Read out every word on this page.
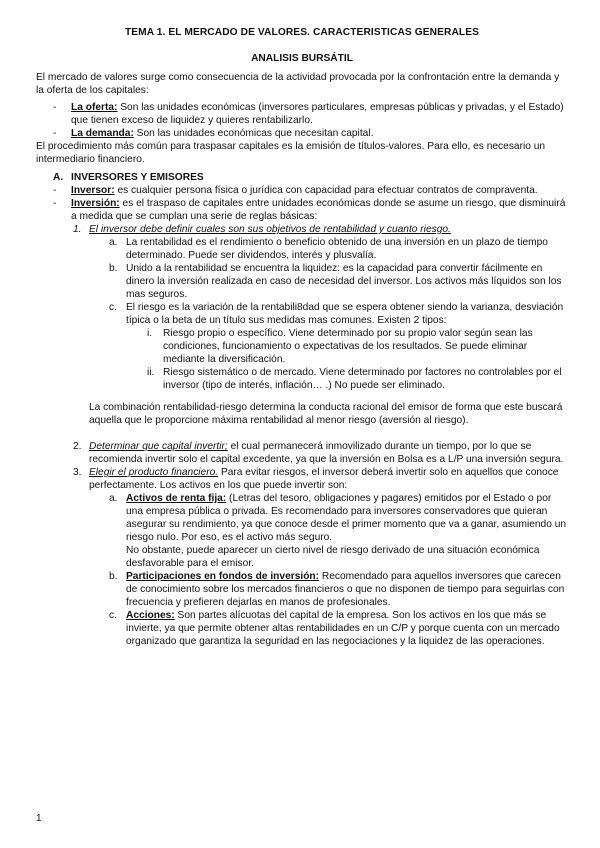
TEMA 1. EL MERCADO DE VALORES. CARACTERISTICAS GENERALES

ANALISIS BURSÁTIL

El mercado de valores surge como consecuencia de la actividad provocada por la confrontación entre la demanda y la oferta de los capitales:

- La oferta: Son las unidades económicas (inversores particulares, empresas públicas y privadas, y el Estado) que tienen exceso de liquidez y quieres rentabilizarlo.
- La demanda: Son las unidades económicas que necesitan capital.

El procedimiento más común para traspasar capitales es la emisión de títulos-valores. Para ello, es necesario un intermediario financiero.

A. INVERSORES Y EMISORES
- Inversor: es cualquier persona física o jurídica con capacidad para efectuar contratos de compraventa.
- Inversión: es el traspaso de capitales entre unidades económicas donde se asume un riesgo, que disminuirá a medida que se cumplan una serie de reglas básicas:
1. El inversor debe definir cuales son sus objetivos de rentabilidad y cuanto riesgo.
a. La rentabilidad es el rendimiento o beneficio obtenido de una inversión en un plazo de tiempo determinado. Puede ser dividendos, interés y plusvalía.
b. Unido a la rentabilidad se encuentra la liquidez: es la capacidad para convertir fácilmente en dinero la inversión realizada en caso de necesidad del inversor. Los activos más líquidos son los mas seguros.
c. El riesgo es la variación de la rentabili8dad que se espera obtener siendo la varianza, desviación típica o la beta de un título sus medidas mas comunes. Existen 2 tipos:
i. Riesgo propio o específico. Viene determinado por su propio valor según sean las condiciones, funcionamiento o expectativas de los resultados. Se puede eliminar mediante la diversificación.
ii. Riesgo sistemático o de mercado. Viene determinado por factores no controlables por el inversor (tipo de interés, inflación… .) No puede ser eliminado.

La combinación rentabilidad-riesgo determina la conducta racional del emisor de forma que este buscará aquella que le proporcione máxima rentabilidad al menor riesgo (aversión al riesgo).

2. Determinar que capital invertir; el cual permanecerá inmovilizado durante un tiempo, por lo que se recomienda invertir solo el capital excedente, ya que la inversión en Bolsa es a L/P una inversión segura.
3. Elegir el producto financiero. Para evitar riesgos, el inversor deberá invertir solo en aquellos que conoce perfectamente. Los activos en los que puede invertir son:
a. Activos de renta fija: (Letras del tesoro, obligaciones y pagares) emitidos por el Estado o por una empresa pública o privada. Es recomendado para inversores conservadores que quieran asegurar su rendimiento, ya que conoce desde el primer momento que va a ganar, asumiendo un riesgo nulo. Por eso, es el activo más seguro.

No obstante, puede aparecer un cierto nivel de riesgo derivado de una situación económica desfavorable para el emisor.

b. Participaciones en fondos de inversión: Recomendado para aquellos inversores que carecen de conocimiento sobre los mercados financieros o que no disponen de tiempo para seguirlas con frecuencia y prefieren dejarlas en manos de profesionales.
c. Acciones: Son partes alícuotas del capital de la empresa. Son los activos en los que más se invierte, ya que permite obtener altas rentabilidades en un C/P y porque cuenta con un mercado organizado que garantiza la seguridad en las negociaciones y la liquidez de las operaciones.
1
